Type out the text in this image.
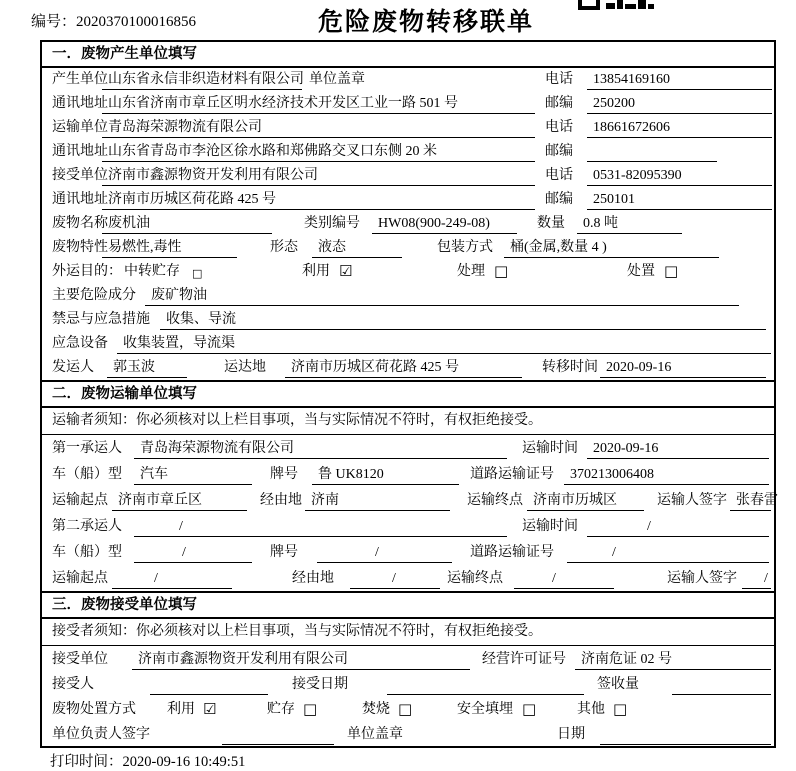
编号：2020370100016856	危险废物转移联单
一．废物产生单位填写
产生单位 山东省永信非织造材料有限公司 单位盖章	电话	13854169160
通讯地址 山东省济南市章丘区明水经济技术开发区工业一路 501 号	邮编	250200
运输单位 青岛海荣源物流有限公司	电话	18661672606
通讯地址 山东省青岛市李沧区徐水路和郑佛路交叉口东侧 20 米	邮编
接受单位 济南市鑫源物资开发利用有限公司	电话	0531-82095390
通讯地址 济南市历城区荷花路 425 号	邮编	250101
废物名称 废机油	类别编号	HW08(900-249-08)	数量	0.8 吨
废物特性 易燃性,毒性	形态	液态	包装方式	桶(金属,数量 4 )
外运目的： 中转贮存 □	利用 ☑	处理 □	处置 □
主要危险成分	废矿物油
禁忌与应急措施	收集、导流
应急设备	收集装置，导流渠
发运人	郭玉波	运达地	济南市历城区荷花路 425 号	转移时间 2020-09-16
二．废物运输单位填写
运输者须知：你必须核对以上栏目事项，当与实际情况不符时，有权拒绝接受。
第一承运人	青岛海荣源物流有限公司	运输时间	2020-09-16
车（船）型	汽车	牌号	鲁 UK8120	道路运输证号	370213006408
运输起点 济南市章丘区	经由地 济南	运输终点 济南市历城区	运输人签字 张春雷
第二承运人	/	运输时间	/
车（船）型	/	牌号	/	道路运输证号	/
运输起点	/	经由地	/	运输终点	/	运输人签字	/
三．废物接受单位填写
接受者须知：你必须核对以上栏目事项，当与实际情况不符时，有权拒绝接受。
接受单位	济南市鑫源物资开发利用有限公司	经营许可证号	济南危证 02 号
接受人	接受日期	签收量
废物处置方式 利用 ☑	贮存 □	焚烧 □	安全填埋 □	其他 □
单位负责人签字	单位盖章	日期
打印时间：2020-09-16 10:49:51
